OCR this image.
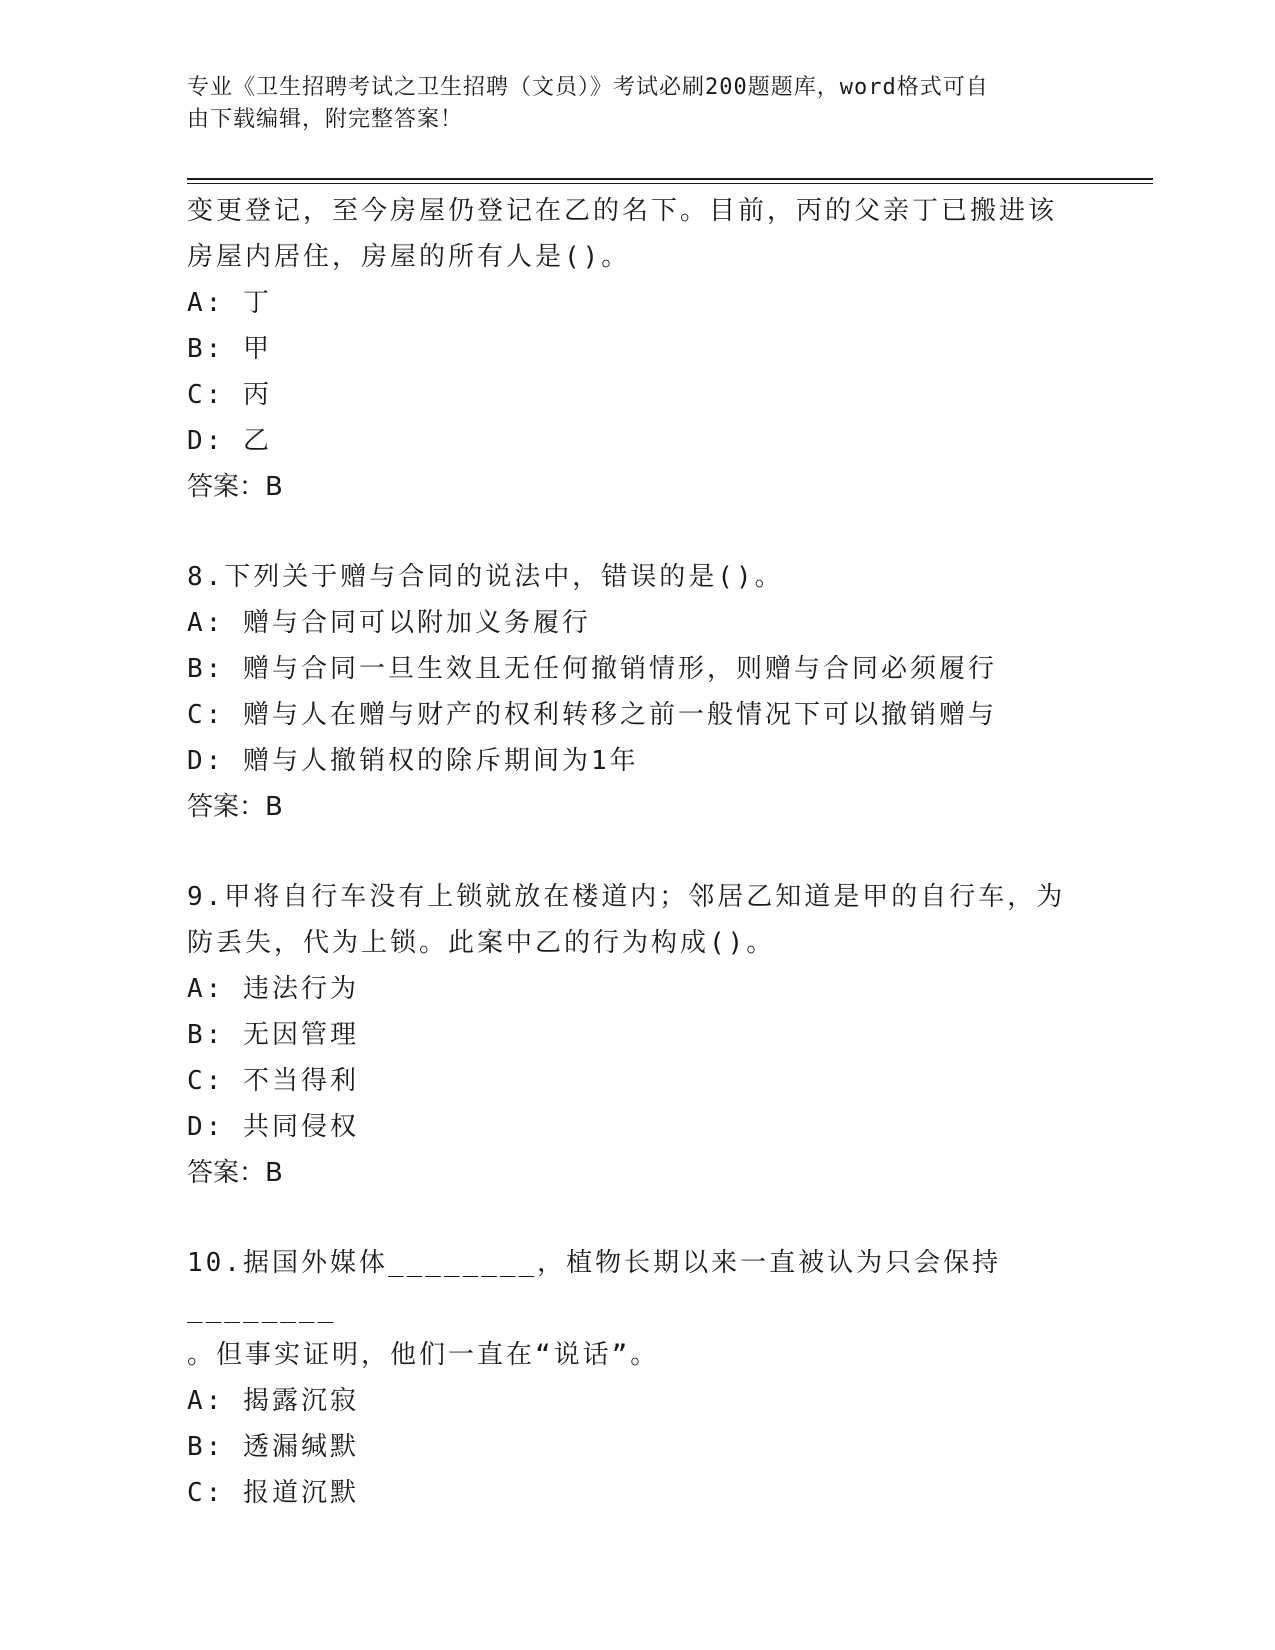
专业《卫生招聘考试之卫生招聘（文员）》考试必刷200题题库，word格式可自
由下载编辑，附完整答案！
变更登记，至今房屋仍登记在乙的名下。目前，丙的父亲丁已搬进该
房屋内居住，房屋的所有人是()。
A: 丁
B: 甲
C: 丙
D: 乙
答案：B
8.下列关于赠与合同的说法中，错误的是()。
A: 赠与合同可以附加义务履行
B: 赠与合同一旦生效且无任何撤销情形，则赠与合同必须履行
C: 赠与人在赠与财产的权利转移之前一般情况下可以撤销赠与
D: 赠与人撤销权的除斥期间为1年
答案：B
9.甲将自行车没有上锁就放在楼道内；邻居乙知道是甲的自行车，为
防丢失，代为上锁。此案中乙的行为构成()。
A: 违法行为
B: 无因管理
C: 不当得利
D: 共同侵权
答案：B
10.据国外媒体________，植物长期以来一直被认为只会保持________
。但事实证明，他们一直在“说话”。
A: 揭露沉寂
B: 透漏缄默
C: 报道沉默
